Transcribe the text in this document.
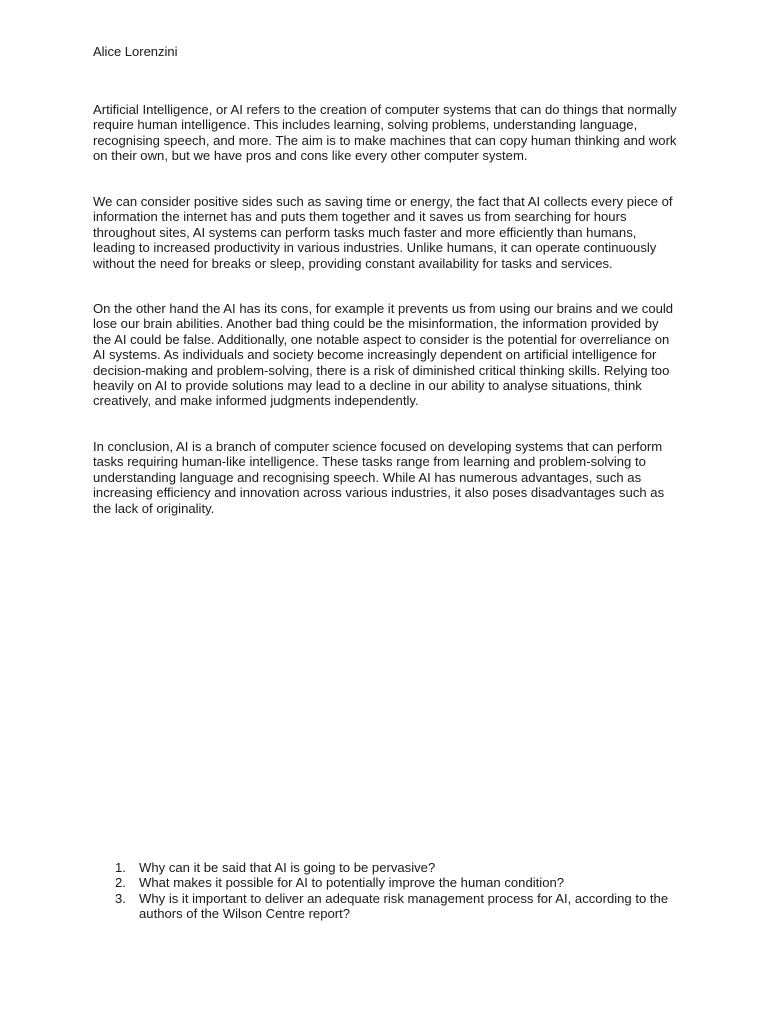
Alice Lorenzini

Artificial Intelligence, or AI refers to the creation of computer systems that can do things that normally require human intelligence. This includes learning, solving problems, understanding language, recognising speech, and more. The aim is to make machines that can copy human thinking and work on their own, but we have pros and cons like every other computer system.

We can consider positive sides such as saving time or energy, the fact that AI collects every piece of information the internet has and puts them together and it saves us from searching for hours throughout sites, AI systems can perform tasks much faster and more efficiently than humans, leading to increased productivity in various industries. Unlike humans, it can operate continuously without the need for breaks or sleep, providing constant availability for tasks and services.

On the other hand the AI has its cons, for example it prevents us from using our brains and we could lose our brain abilities. Another bad thing could be the misinformation, the information provided by the AI could be false. Additionally, one notable aspect to consider is the potential for overreliance on AI systems. As individuals and society become increasingly dependent on artificial intelligence for decision-making and problem-solving, there is a risk of diminished critical thinking skills. Relying too heavily on AI to provide solutions may lead to a decline in our ability to analyse situations, think creatively, and make informed judgments independently.

In conclusion, AI is a branch of computer science focused on developing systems that can perform tasks requiring human-like intelligence. These tasks range from learning and problem-solving to understanding language and recognising speech. While AI has numerous advantages, such as increasing efficiency and innovation across various industries, it also poses disadvantages such as the lack of originality.

1. Why can it be said that AI is going to be pervasive?
2. What makes it possible for AI to potentially improve the human condition?
3. Why is it important to deliver an adequate risk management process for AI, according to the authors of the Wilson Centre report?
